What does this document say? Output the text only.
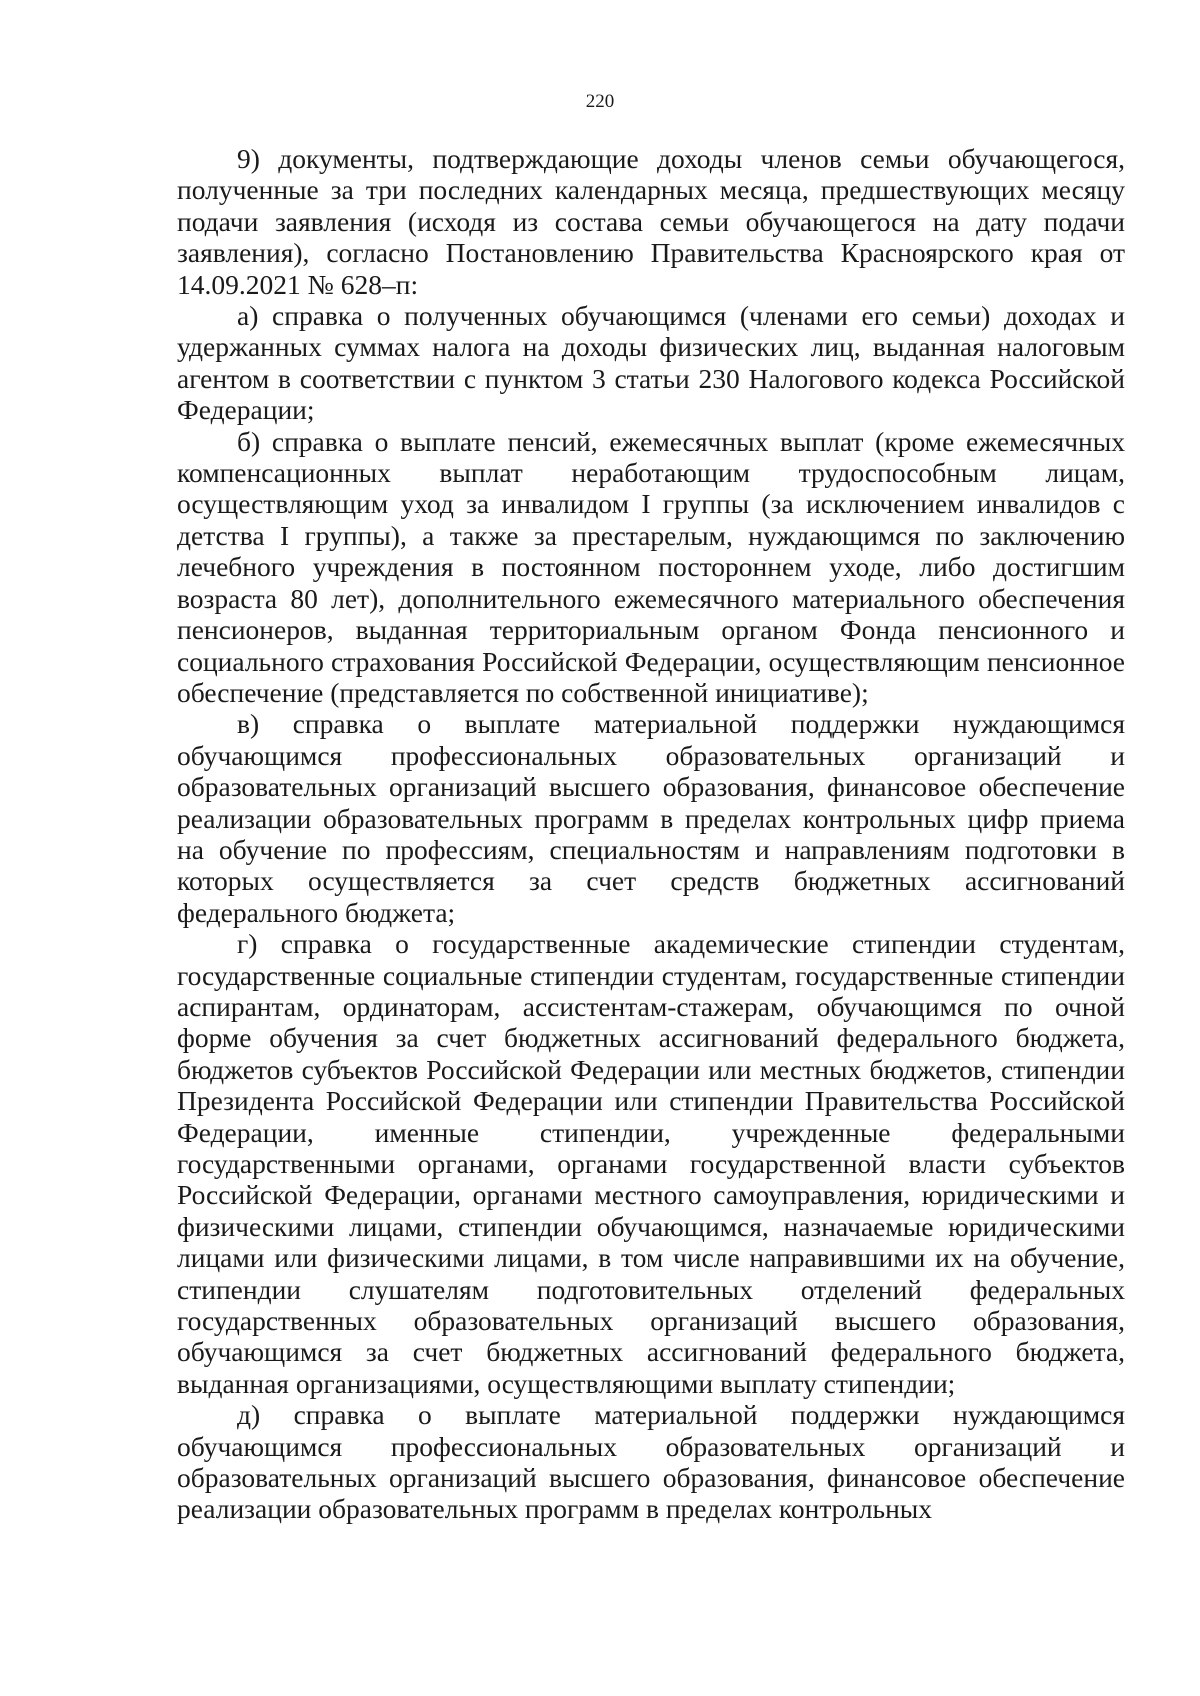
220

9) документы, подтверждающие доходы членов семьи обучающегося, полученные за три последних календарных месяца, предшествующих месяцу подачи заявления (исходя из состава семьи обучающегося на дату подачи заявления), согласно Постановлению Правительства Красноярского края от 14.09.2021 № 628–п:

а) справка о полученных обучающимся (членами его семьи) доходах и удержанных суммах налога на доходы физических лиц, выданная налоговым агентом в соответствии с пунктом 3 статьи 230 Налогового кодекса Российской Федерации;

б) справка о выплате пенсий, ежемесячных выплат (кроме ежемесячных компенсационных выплат неработающим трудоспособным лицам, осуществляющим уход за инвалидом I группы (за исключением инвалидов с детства I группы), а также за престарелым, нуждающимся по заключению лечебного учреждения в постоянном постороннем уходе, либо достигшим возраста 80 лет), дополнительного ежемесячного материального обеспечения пенсионеров, выданная территориальным органом Фонда пенсионного и социального страхования Российской Федерации, осуществляющим пенсионное обеспечение (представляется по собственной инициативе);

в) справка о выплате материальной поддержки нуждающимся обучающимся профессиональных образовательных организаций и образовательных организаций высшего образования, финансовое обеспечение реализации образовательных программ в пределах контрольных цифр приема на обучение по профессиям, специальностям и направлениям подготовки в которых осуществляется за счет средств бюджетных ассигнований федерального бюджета;

г) справка о государственные академические стипендии студентам, государственные социальные стипендии студентам, государственные стипендии аспирантам, ординаторам, ассистентам-стажерам, обучающимся по очной форме обучения за счет бюджетных ассигнований федерального бюджета, бюджетов субъектов Российской Федерации или местных бюджетов, стипендии Президента Российской Федерации или стипендии Правительства Российской Федерации, именные стипендии, учрежденные федеральными государственными органами, органами государственной власти субъектов Российской Федерации, органами местного самоуправления, юридическими и физическими лицами, стипендии обучающимся, назначаемые юридическими лицами или физическими лицами, в том числе направившими их на обучение, стипендии слушателям подготовительных отделений федеральных государственных образовательных организаций высшего образования, обучающимся за счет бюджетных ассигнований федерального бюджета, выданная организациями, осуществляющими выплату стипендии;

д) справка о выплате материальной поддержки нуждающимся обучающимся профессиональных образовательных организаций и образовательных организаций высшего образования, финансовое обеспечение реализации образовательных программ в пределах контрольных
